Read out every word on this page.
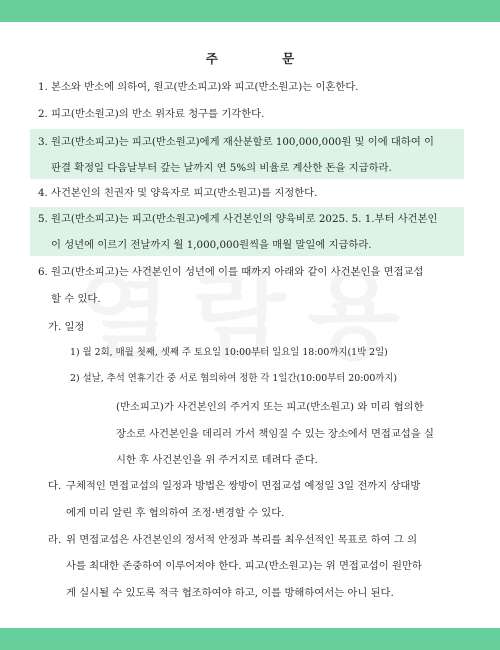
주 문
1. 본소와 반소에 의하여, 원고(반소피고)와 피고(반소원고)는 이혼한다.
2. 피고(반소원고)의 반소 위자료 청구를 기각한다.
3. 원고(반소피고)는 피고(반소원고)에게 재산분할로 100,000,000원 및 이에 대하여 이
판결 확정일 다음날부터 갚는 날까지 연 5%의 비율로 계산한 돈을 지급하라.
4. 사건본인의 친권자 및 양육자로 피고(반소원고)를 지정한다.
5. 원고(반소피고)는 피고(반소원고)에게 사건본인의 양육비로 2025. 5. 1.부터 사건본인
이 성년에 이르기 전날까지 월 1,000,000원씩을 매월 말일에 지급하라.
6. 원고(반소피고)는 사건본인이 성년에 이를 때까지 아래와 같이 사건본인을 면접교섭
할 수 있다.
가. 일정
1) 월 2회, 매월 첫째, 셋째 주 토요일 10:00부터 일요일 18:00까지(1박 2일)
2) 설날, 추석 연휴기간 중 서로 협의하여 정한 각 1일간(10:00부터 20:00까지)
(반소피고)가 사건본인의 주거지 또는 피고(반소원고) 와 미리 협의한
장소로 사건본인을 데리러 가서 책임질 수 있는 장소에서 면접교섭을 실
시한 후 사건본인을 위 주거지로 데려다 준다.
다. 구체적인 면접교섭의 일정과 방법은 쌍방이 면접교섭 예정일 3일 전까지 상대방
에게 미리 알린 후 협의하여 조정·변경할 수 있다.
라. 위 면접교섭은 사건본인의 정서적 안정과 복리를 최우선적인 목표로 하여 그 의
사를 최대한 존중하여 이루어져야 한다. 피고(반소원고)는 위 면접교섭이 원만하
게 실시될 수 있도록 적극 협조하여야 하고, 이를 방해하여서는 아니 된다.
